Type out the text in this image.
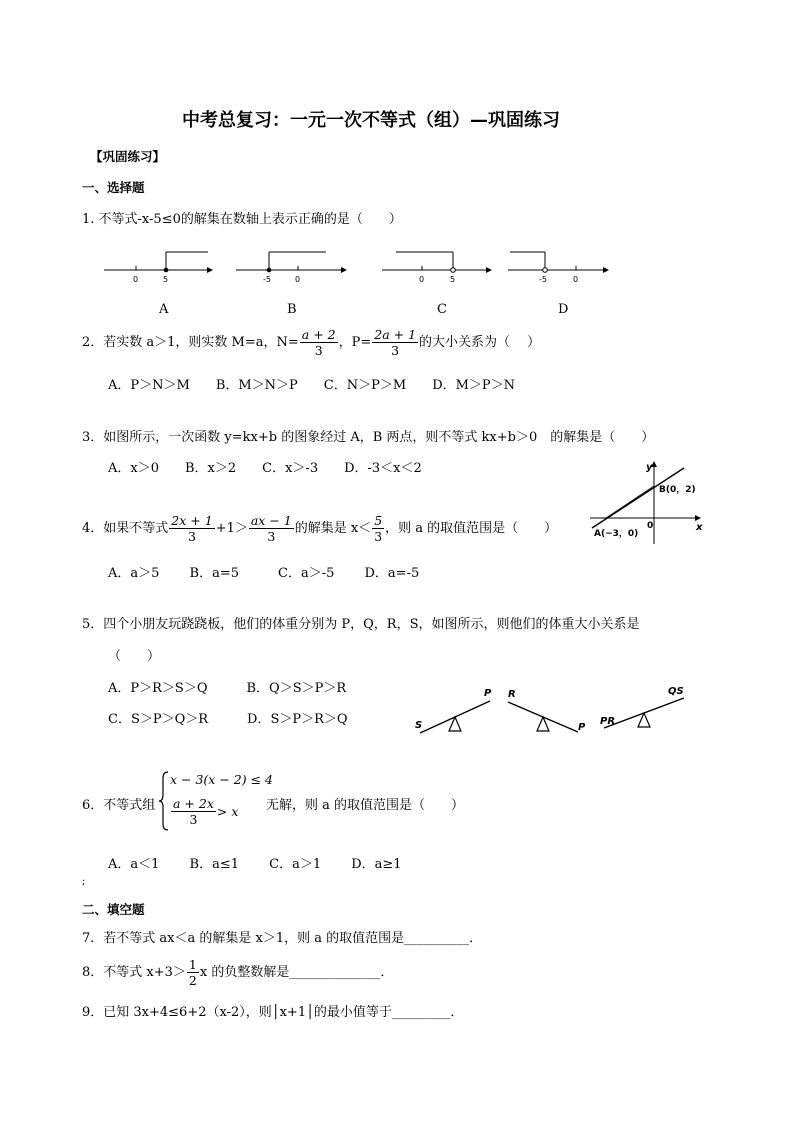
中考总复习：一元一次不等式（组）—巩固练习
【巩固练习】
一、选择题
1. 不等式-x-5≤0的解集在数轴上表示正确的是（　　）
0	5	-5	0	0	5	-5	0
A	B	C	D
2．若实数 a＞1，则实数 M=a，$N= \frac{a + 2}{3}$ ，$P= \frac{2a + 1}{3}$ 的大小关系为（　 ）
A．P＞N＞M　　B．M＞N＞P　　C．N＞P＞M　　D．M＞P＞N
3．如图所示，一次函数 y=kx+b 的图象经过 A，B 两点，则不等式 kx+b＞0　的解集是（　　）
A．x＞0　　B．x＞2　　C．x＞-3　　D．-3＜x＜2	y
x
0
B(0，2)
A(−3，0)
4．如果不等式 $\frac{2x + 1}{3} +1> \frac{ax - 1}{3}$ 的解集是 $x< \frac{5}{3}$ ，则 a 的取值范围是（　　）
A．a＞5　　 B．a=5　　　C．a＞-5　　 D．a=-5
5．四个小朋友玩跷跷板，他们的体重分别为 P，Q，R，S，如图所示，则他们的体重大小关系是
（　　）
A．P＞R＞S＞Q　　　B．Q＞S＞P＞R
C．S＞P＞Q＞R　　　D．S＞P＞R＞Q	S
P R
P
PR
QS
6．不等式组
x − 3(x − 2) ≤ 4
$\frac{a + 2x}{3} > x$ 无解，则 a 的取值范围是（　　）
A．a＜1　　 B．a≤1　　 C．a＞1　　 D．a≥1
;
二、填空题
7．若不等式 ax＜a 的解集是 x＞1，则 a 的取值范围是__________．
8．不等式 $x+3> \frac{1}{2}$ x 的负整数解是______________．
9．已知 3x+4≤6+2（x-2），则│x+1│的最小值等于_________．
